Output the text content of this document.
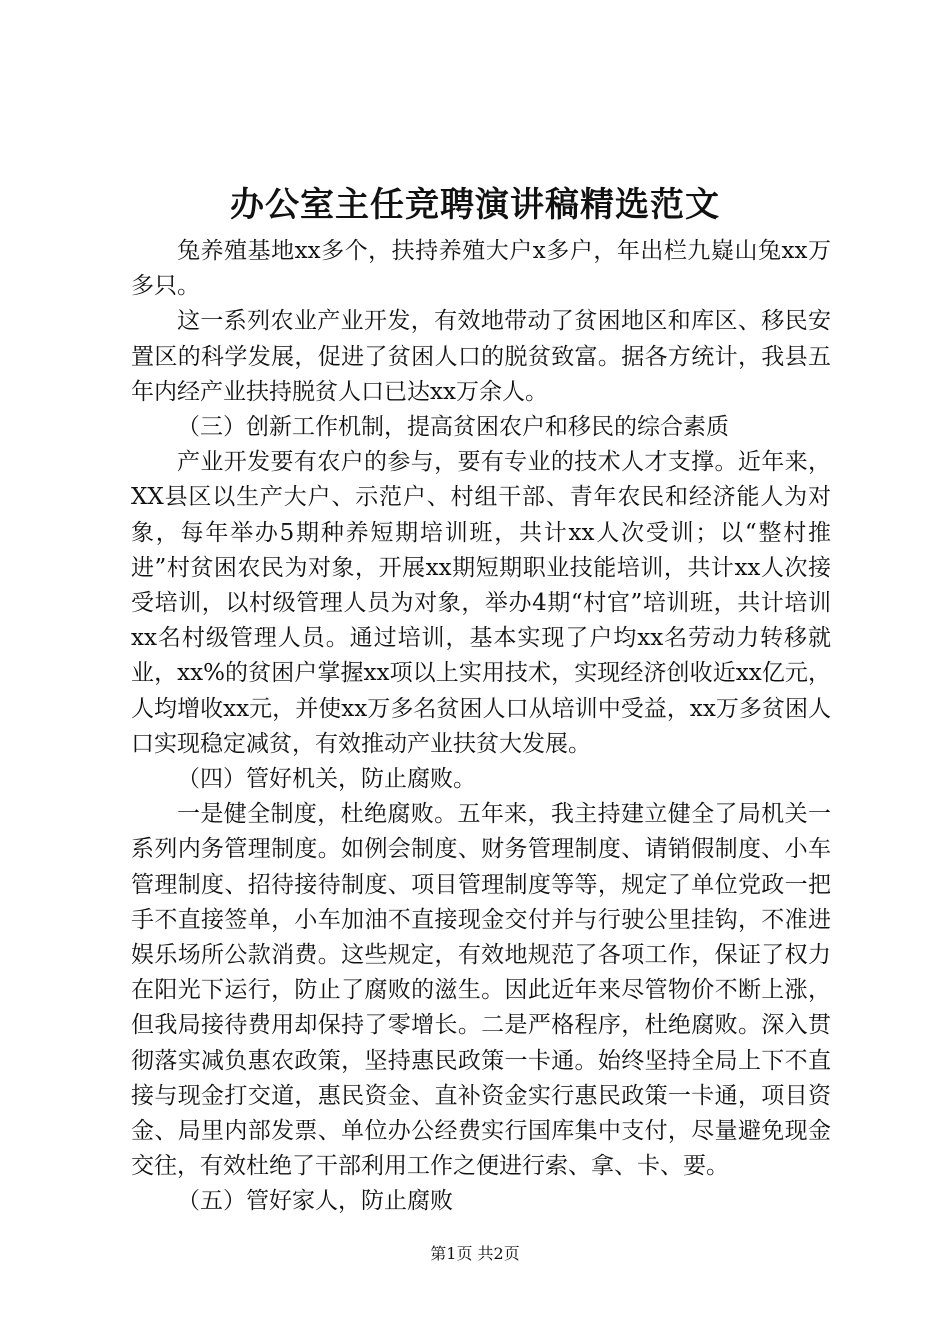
办公室主任竞聘演讲稿精选范文

兔养殖基地xx多个，扶持养殖大户x多户，年出栏九嶷山兔xx万多只。

这一系列农业产业开发，有效地带动了贫困地区和库区、移民安置区的科学发展，促进了贫困人口的脱贫致富。据各方统计，我县五年内经产业扶持脱贫人口已达xx万余人。

（三）创新工作机制，提高贫困农户和移民的综合素质

产业开发要有农户的参与，要有专业的技术人才支撑。近年来，XX县区以生产大户、示范户、村组干部、青年农民和经济能人为对象，每年举办5期种养短期培训班，共计xx人次受训；以“整村推进”村贫困农民为对象，开展xx期短期职业技能培训，共计xx人次接受培训，以村级管理人员为对象，举办4期“村官”培训班，共计培训xx名村级管理人员。通过培训，基本实现了户均xx名劳动力转移就业，xx%的贫困户掌握xx项以上实用技术，实现经济创收近xx亿元，人均增收xx元，并使xx万多名贫困人口从培训中受益，xx万多贫困人口实现稳定减贫，有效推动产业扶贫大发展。

（四）管好机关，防止腐败。

一是健全制度，杜绝腐败。五年来，我主持建立健全了局机关一系列内务管理制度。如例会制度、财务管理制度、请销假制度、小车管理制度、招待接待制度、项目管理制度等等，规定了单位党政一把手不直接签单，小车加油不直接现金交付并与行驶公里挂钩，不准进娱乐场所公款消费。这些规定，有效地规范了各项工作，保证了权力在阳光下运行，防止了腐败的滋生。因此近年来尽管物价不断上涨，但我局接待费用却保持了零增长。二是严格程序，杜绝腐败。深入贯彻落实减负惠农政策，坚持惠民政策一卡通。始终坚持全局上下不直接与现金打交道，惠民资金、直补资金实行惠民政策一卡通，项目资金、局里内部发票、单位办公经费实行国库集中支付，尽量避免现金交往，有效杜绝了干部利用工作之便进行索、拿、卡、要。

（五）管好家人，防止腐败

第1页 共2页
